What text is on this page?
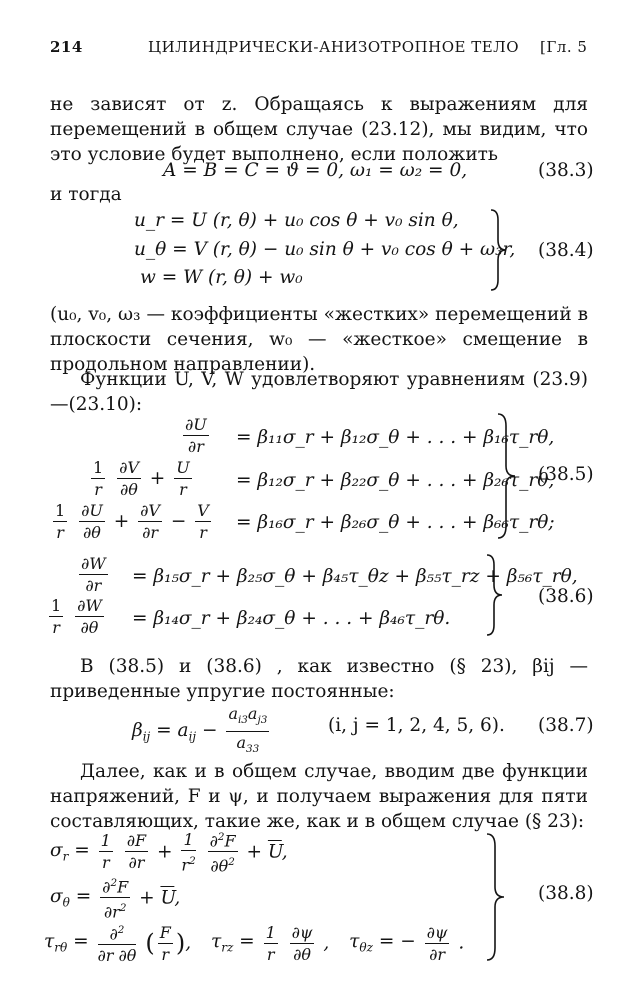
214	ЦИЛИНДРИЧЕСКИ-АНИЗОТРОПНОЕ ТЕЛО [Гл. 5

не зависят от z. Обращаясь к выражениям для перемещений в общем случае (23.12), мы видим, что это условие будет выполнено, если положить

A = B = C = ϑ = 0, ω₁ = ω₂ = 0,	(38.3)

и тогда

u_r = U (r, θ) + u₀ cos θ + v₀ sin θ,
u_θ = V (r, θ) − u₀ sin θ + v₀ cos θ + ω₃r,
w = W (r, θ) + w₀
(38.4)

(u₀, v₀, ω₃ — коэффициенты «жестких» перемещений в плоскости сечения, w₀ — «жесткое» смещение в продольном направлении).

Функции U, V, W удовлетворяют уравнениям (23.9)—(23.10):

$\frac{\partial U}{\partial r}$ = β₁₁σ_r + β₁₂σ_θ + . . . + β₁₆τ_rθ,
$\frac{1}{r}$
$\frac{\partial V}{\partial\theta} + \frac{U}{r}$ = β₁₂σ_r + β₂₂σ_θ + . . . + β₂₆τ_rθ,
$\frac{1}{r}$
$\frac{\partial U}{\partial\theta} + \frac{\partial V}{\partial r} - \frac{V}{r}$ = β₁₆σ_r + β₂₆σ_θ + . . . + β₆₆τ_rθ;
(38.5)
$\frac{\partial W}{\partial r}$ = β₁₅σ_r + β₂₅σ_θ + β₄₅τ_θz + β₅₅τ_rz + β₅₆τ_rθ,
$\frac{1}{r}$
$\frac{\partial W}{\partial\theta}$ = β₁₄σ_r + β₂₄σ_θ + . . . + β₄₆τ_rθ.
(38.6)

В (38.5) и (38.6) , как известно (§ 23), βij — приведенные упругие постоянные:

$\beta_{ij} = a_{ij} - \frac{a_{i3}a_{j3}}{a_{33}}$	(i, j = 1, 2, 4, 5, 6). (38.7)

Далее, как и в общем случае, вводим две функции напряжений, F и ψ, и получаем выражения для пяти составляющих, такие же, как и в общем случае (§ 23):

$\sigma_r = \frac{1}{r}$
$\frac{\partial F}{\partial r} + \frac{1}{r^2}$
$\frac{\partial^2F}{\partial\theta^2} + \overline{U}$,
$\sigma_\theta = \frac{\partial^2F}{\partial r^2} + \overline{U}$,
$\tau_{r\theta} = \frac{\partial^2}{\partial r \partial\theta}$ ( $\frac{F}{r}$ ), $\tau_{rz} = \frac{1}{r}$
$\frac{\partial\psi}{\partial\theta}$ , $\tau_{\theta z}$ = − $\frac{\partial\psi}{\partial r}$ .
(38.8)
